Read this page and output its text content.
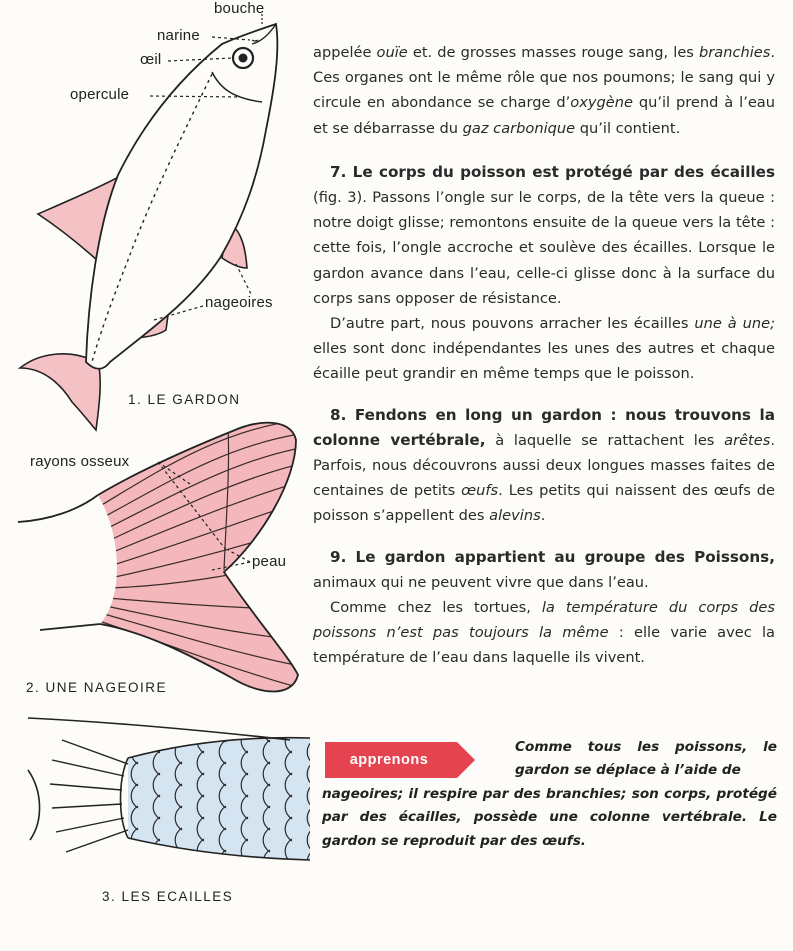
bouche
narine
œil
opercule
nageoires
1. LE GARDON
rayons osseux
peau
2. UNE NAGEOIRE
3. LES ECAILLES

appelée ouïe et. de grosses masses rouge sang, les branchies. Ces organes ont le même rôle que nos poumons; le sang qui y circule en abondance se charge d’oxygène qu’il prend à l’eau et se débarrasse du gaz carbonique qu’il contient.

7. Le corps du poisson est protégé par des écailles (fig. 3). Passons l’ongle sur le corps, de la tête vers la queue : notre doigt glisse; remontons ensuite de la queue vers la tête : cette fois, l’ongle accroche et soulève des écailles. Lorsque le gardon avance dans l’eau, celle-ci glisse donc à la surface du corps sans opposer de résistance.

D’autre part, nous pouvons arracher les écailles une à une; elles sont donc indépendantes les unes des autres et chaque écaille peut grandir en même temps que le poisson.

8. Fendons en long un gardon : nous trouvons la colonne vertébrale, à laquelle se rattachent les arêtes. Parfois, nous découvrons aussi deux longues masses faites de centaines de petits œufs. Les petits qui naissent des œufs de poisson s’appellent des alevins.

9. Le gardon appartient au groupe des Poissons, animaux qui ne peuvent vivre que dans l’eau.

Comme chez les tortues, la température du corps des poissons n’est pas toujours la même : elle varie avec la température de l’eau dans laquelle ils vivent.

apprenons
Comme tous les poissons, le gardon se déplace à l’aide de
nageoires; il respire par des branchies; son corps, protégé par des écailles, possède une colonne vertébrale. Le gardon se reproduit par des œufs.
